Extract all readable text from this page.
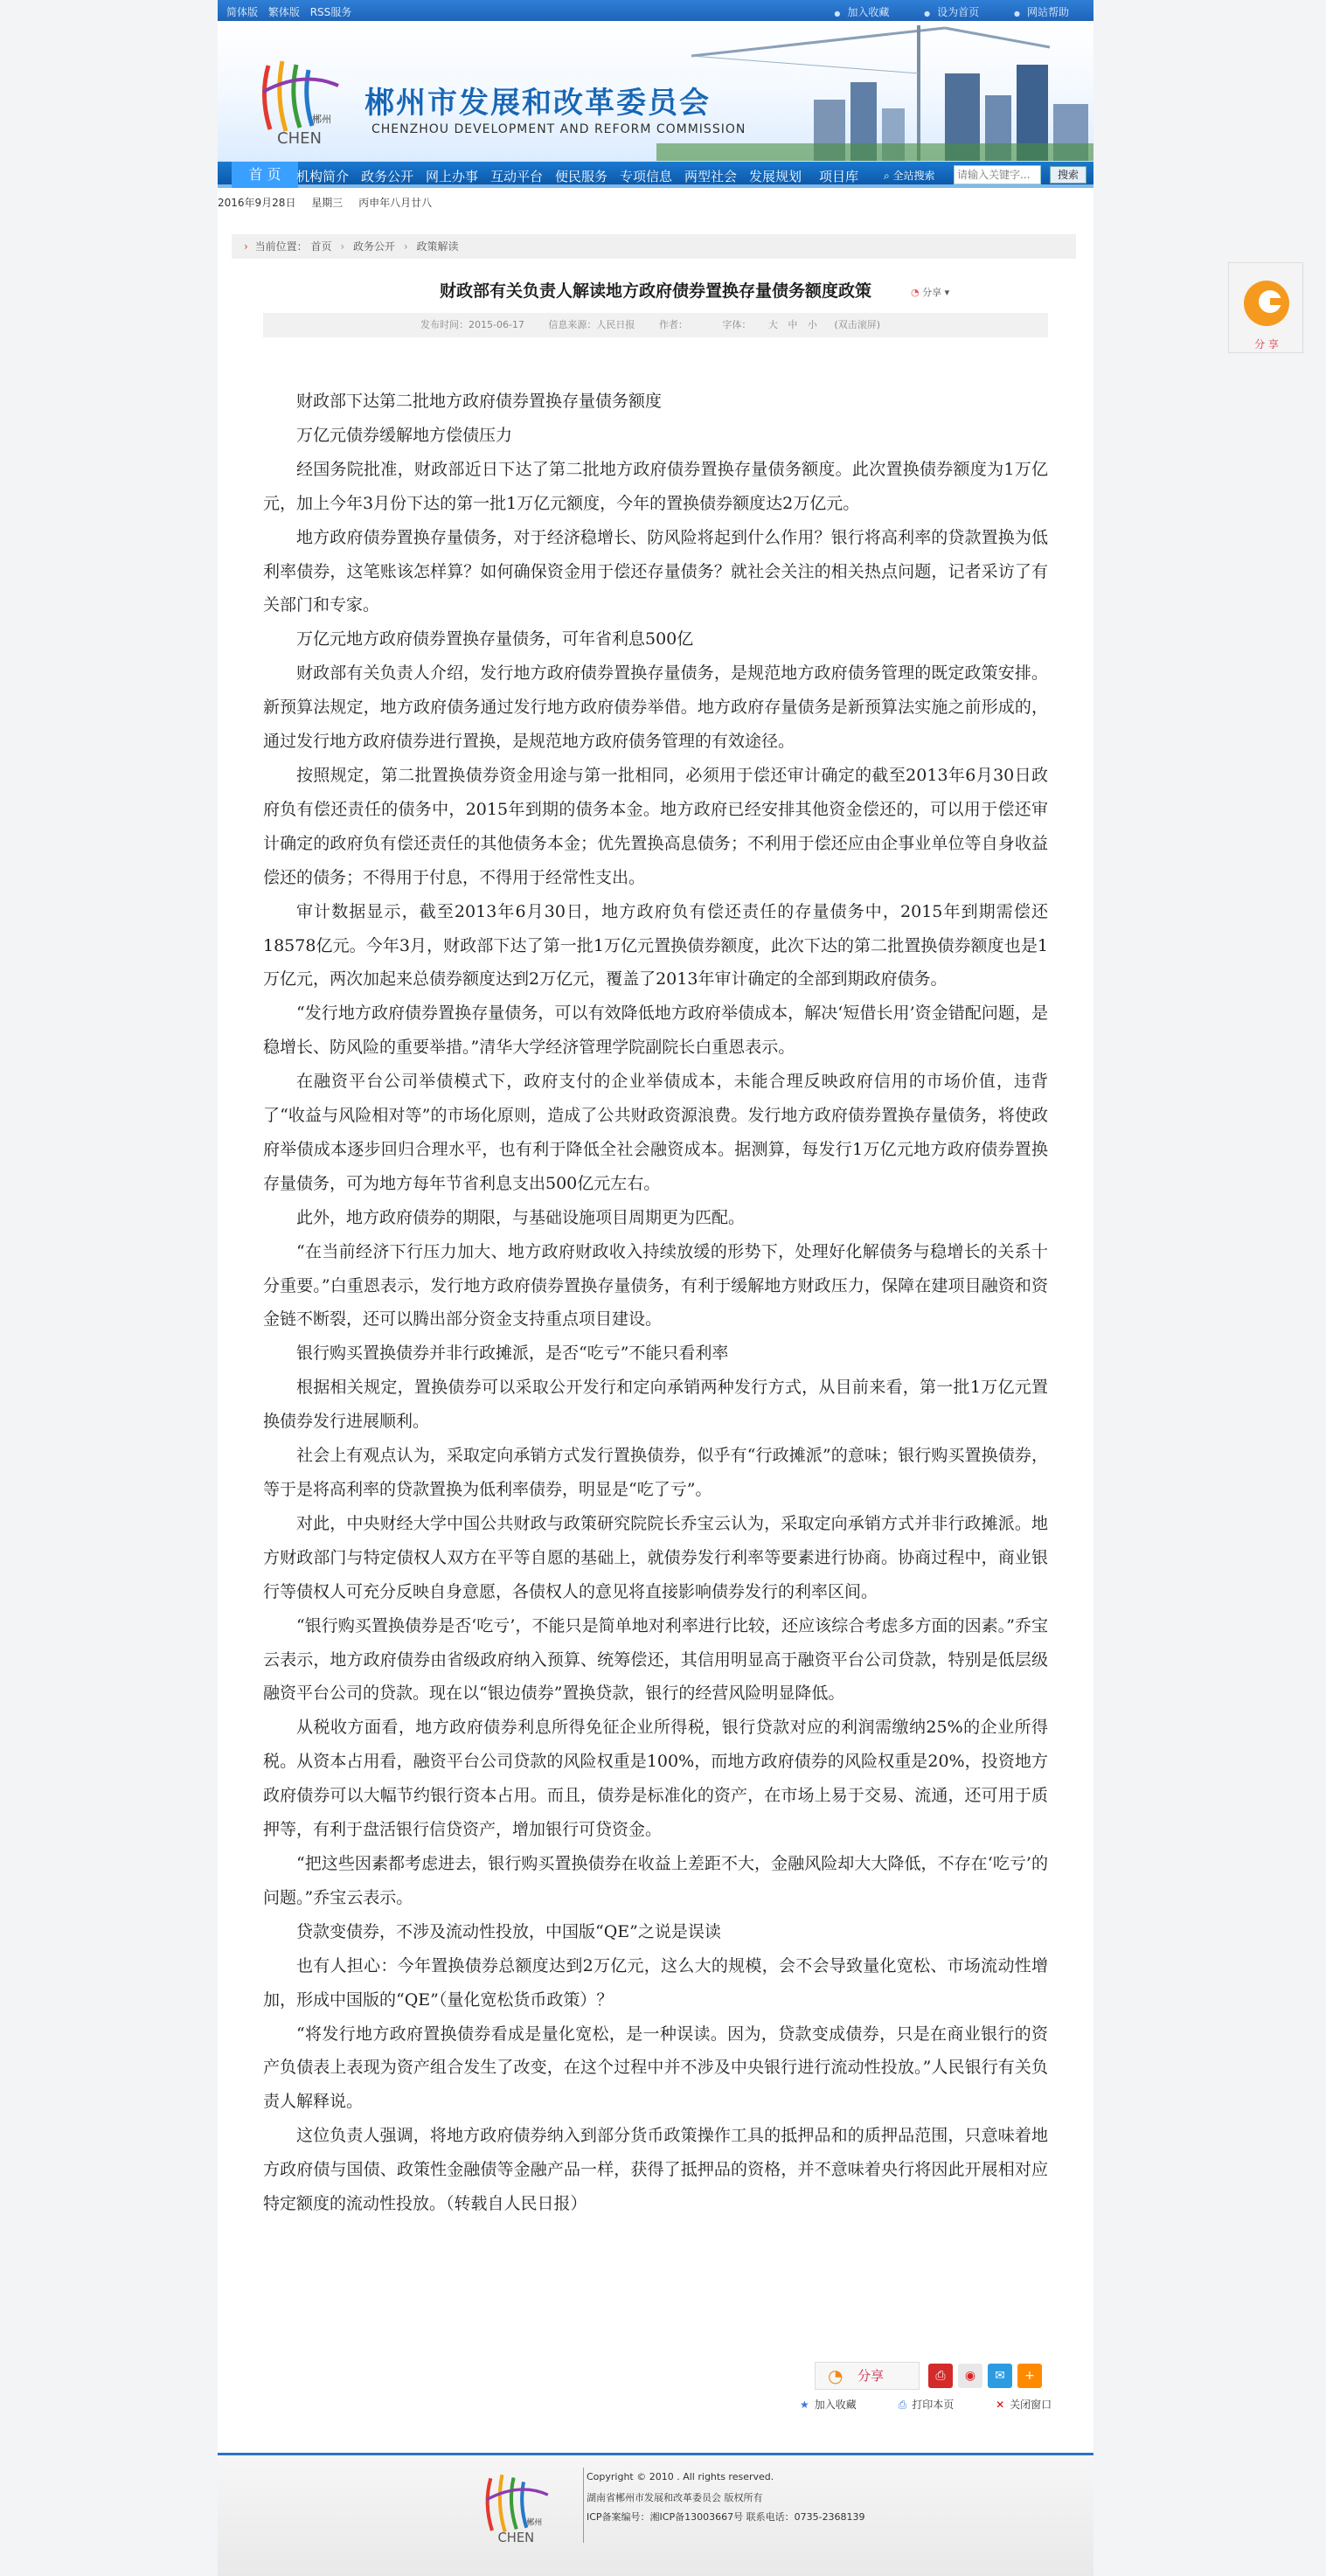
简体版 繁体版 RSS服务	● 加入收藏	● 设为首页	● 网站帮助
郴州
CHEN
郴州市发展和改革委员会
CHENZHOU DEVELOPMENT AND REFORM COMMISSION
首 页	机构简介 政务公开 网上办事 互动平台 便民服务 专项信息 两型社会 发展规划 项目库 ⌕ 全站搜索
请输入关键字...	搜索
2016年9月28日 星期三 丙申年八月廿八
› 当前位置： 首页 › 政务公开 › 政策解读
财政部有关负责人解读地方政府债券置换存量债务额度政策	◔ 分享 ▾
发布时间：2015-06-17	信息来源：人民日报	作者：	字体： 大 中 小 (双击滚屏)

财政部下达第二批地方政府债券置换存量债务额度

万亿元债券缓解地方偿债压力

经国务院批准，财政部近日下达了第二批地方政府债券置换存量债务额度。此次置换债券额度为1万亿元，加上今年3月份下达的第一批1万亿元额度，今年的置换债券额度达2万亿元。

地方政府债券置换存量债务，对于经济稳增长、防风险将起到什么作用？银行将高利率的贷款置换为低利率债券，这笔账该怎样算？如何确保资金用于偿还存量债务？就社会关注的相关热点问题，记者采访了有关部门和专家。

万亿元地方政府债券置换存量债务，可年省利息500亿

财政部有关负责人介绍，发行地方政府债券置换存量债务，是规范地方政府债务管理的既定政策安排。新预算法规定，地方政府债务通过发行地方政府债券举借。地方政府存量债务是新预算法实施之前形成的，通过发行地方政府债券进行置换，是规范地方政府债务管理的有效途径。

按照规定，第二批置换债券资金用途与第一批相同，必须用于偿还审计确定的截至2013年6月30日政府负有偿还责任的债务中，2015年到期的债务本金。地方政府已经安排其他资金偿还的，可以用于偿还审计确定的政府负有偿还责任的其他债务本金；优先置换高息债务；不利用于偿还应由企事业单位等自身收益偿还的债务；不得用于付息，不得用于经常性支出。

审计数据显示，截至2013年6月30日，地方政府负有偿还责任的存量债务中，2015年到期需偿还18578亿元。今年3月，财政部下达了第一批1万亿元置换债券额度，此次下达的第二批置换债券额度也是1万亿元，两次加起来总债券额度达到2万亿元，覆盖了2013年审计确定的全部到期政府债务。

“发行地方政府债券置换存量债务，可以有效降低地方政府举债成本，解决‘短借长用’资金错配问题，是稳增长、防风险的重要举措。”清华大学经济管理学院副院长白重恩表示。

在融资平台公司举债模式下，政府支付的企业举债成本，未能合理反映政府信用的市场价值，违背了“收益与风险相对等”的市场化原则，造成了公共财政资源浪费。发行地方政府债券置换存量债务，将使政府举债成本逐步回归合理水平，也有利于降低全社会融资成本。据测算，每发行1万亿元地方政府债券置换存量债务，可为地方每年节省利息支出500亿元左右。

此外，地方政府债券的期限，与基础设施项目周期更为匹配。

“在当前经济下行压力加大、地方政府财政收入持续放缓的形势下，处理好化解债务与稳增长的关系十分重要。”白重恩表示，发行地方政府债券置换存量债务，有利于缓解地方财政压力，保障在建项目融资和资金链不断裂，还可以腾出部分资金支持重点项目建设。

银行购买置换债券并非行政摊派，是否“吃亏”不能只看利率

根据相关规定，置换债券可以采取公开发行和定向承销两种发行方式，从目前来看，第一批1万亿元置换债券发行进展顺利。

社会上有观点认为，采取定向承销方式发行置换债券，似乎有“行政摊派”的意味；银行购买置换债券，等于是将高利率的贷款置换为低利率债券，明显是“吃了亏”。

对此，中央财经大学中国公共财政与政策研究院院长乔宝云认为，采取定向承销方式并非行政摊派。地方财政部门与特定债权人双方在平等自愿的基础上，就债券发行利率等要素进行协商。协商过程中，商业银行等债权人可充分反映自身意愿，各债权人的意见将直接影响债券发行的利率区间。

“银行购买置换债券是否‘吃亏’，不能只是简单地对利率进行比较，还应该综合考虑多方面的因素。”乔宝云表示，地方政府债券由省级政府纳入预算、统筹偿还，其信用明显高于融资平台公司贷款，特别是低层级融资平台公司的贷款。现在以“银边债券”置换贷款，银行的经营风险明显降低。

从税收方面看，地方政府债券利息所得免征企业所得税，银行贷款对应的利润需缴纳25%的企业所得税。从资本占用看，融资平台公司贷款的风险权重是100%，而地方政府债券的风险权重是20%，投资地方政府债券可以大幅节约银行资本占用。而且，债券是标准化的资产，在市场上易于交易、流通，还可用于质押等，有利于盘活银行信贷资产，增加银行可贷资金。

“把这些因素都考虑进去，银行购买置换债券在收益上差距不大，金融风险却大大降低，不存在‘吃亏’的问题。”乔宝云表示。

贷款变债券，不涉及流动性投放，中国版“QE”之说是误读

也有人担心：今年置换债券总额度达到2万亿元，这么大的规模，会不会导致量化宽松、市场流动性增加，形成中国版的“QE”（量化宽松货币政策）？

“将发行地方政府置换债券看成是量化宽松，是一种误读。因为，贷款变成债券，只是在商业银行的资产负债表上表现为资产组合发生了改变，在这个过程中并不涉及中央银行进行流动性投放。”人民银行有关负责人解释说。

这位负责人强调，将地方政府债券纳入到部分货币政策操作工具的抵押品和的质押品范围，只意味着地方政府债与国债、政策性金融债等金融产品一样，获得了抵押品的资格，并不意味着央行将因此开展相对应特定额度的流动性投放。（转载自人民日报）

◔ 分享	⎙	◉	✉	+
★ 加入收藏	⎙ 打印本页	✕ 关闭窗口
郴州
CHEN
Copyright © 2010 . All rights reserved.
湖南省郴州市发展和改革委员会 版权所有
ICP备案编号：湘ICP备13003667号 联系电话：0735-2368139
分 享
